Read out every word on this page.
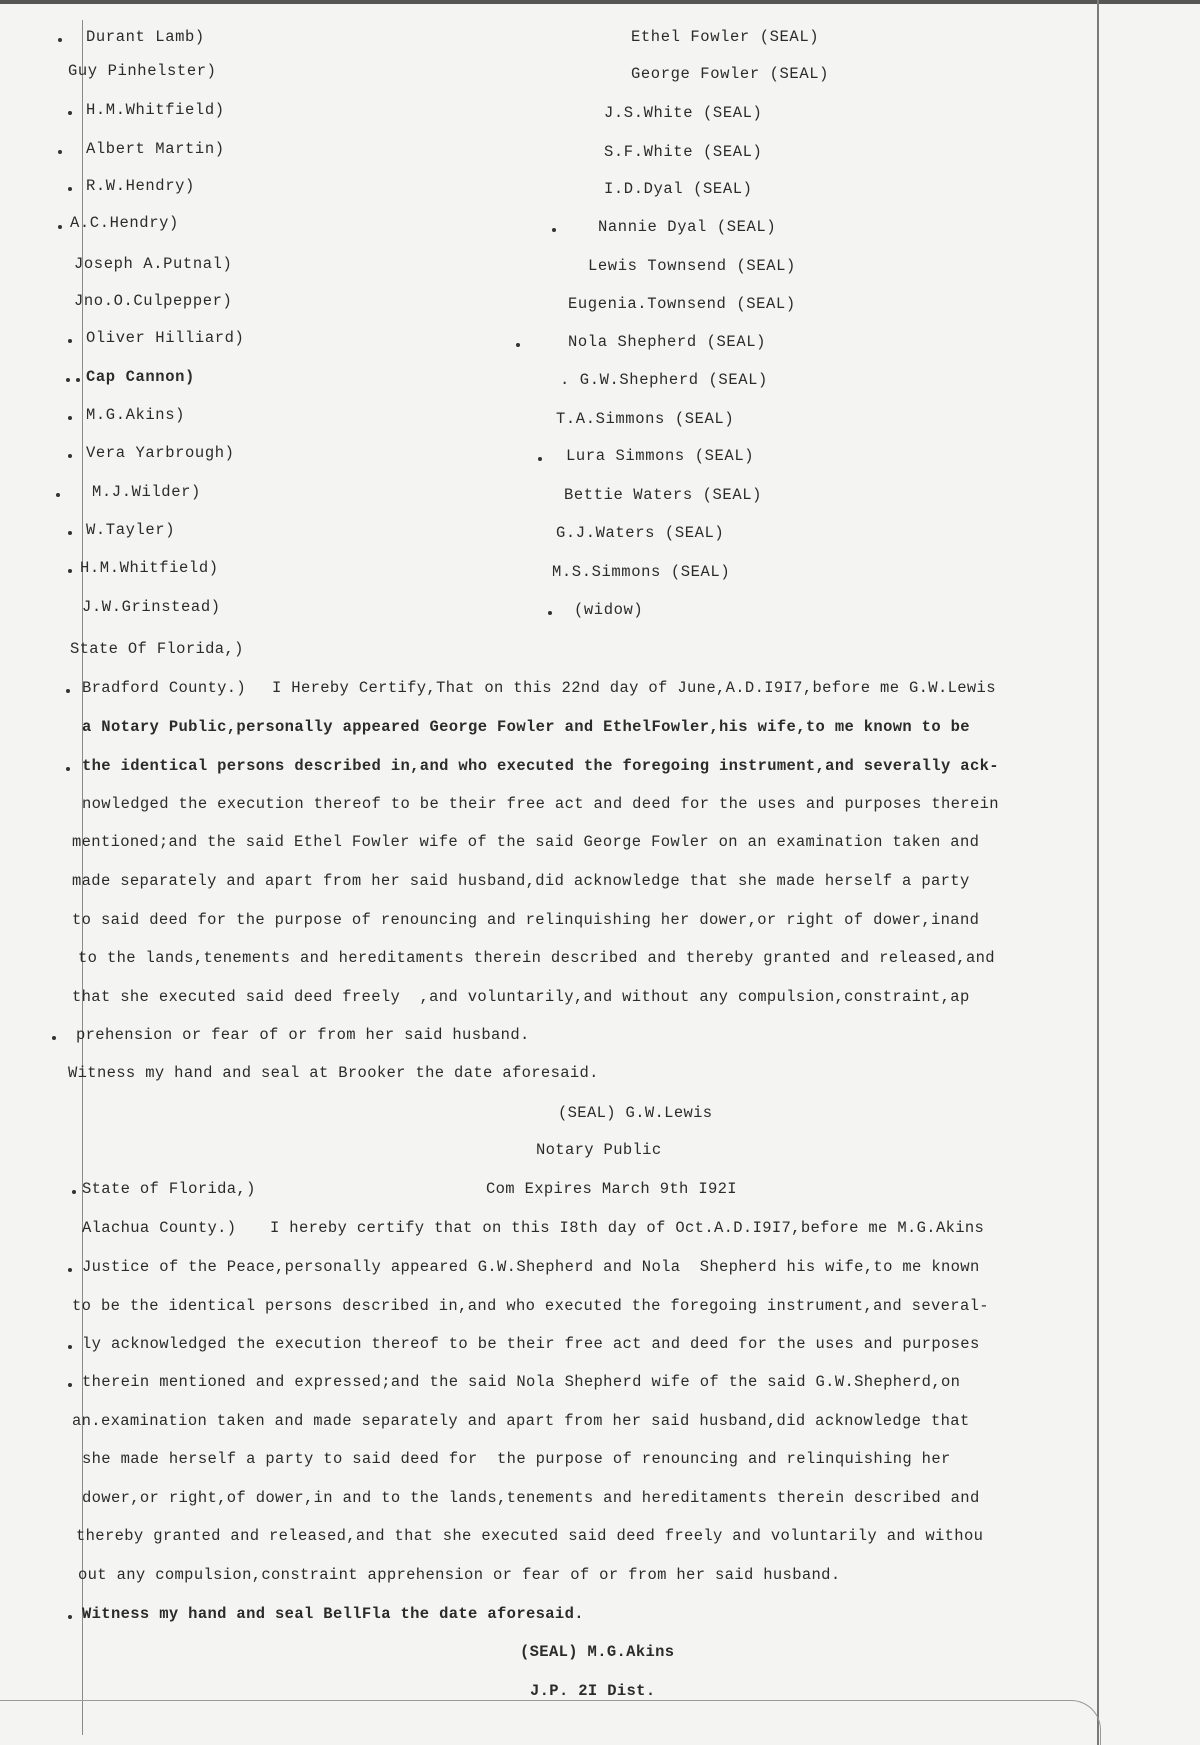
Durant Lamb)
Guy Pinhelster)
H.M.Whitfield)
Albert Martin)
R.W.Hendry)
A.C.Hendry)
Joseph A.Putnal)
Jno.O.Culpepper)
Oliver Hilliard)
Cap Cannon)
M.G.Akins)
Vera Yarbrough)
M.J.Wilder)
W.Tayler)
H.M.Whitfield)
J.W.Grinstead)
Ethel Fowler (SEAL)
George Fowler (SEAL)
J.S.White (SEAL)
S.F.White (SEAL)
I.D.Dyal (SEAL)
Nannie Dyal (SEAL)
Lewis Townsend (SEAL)
Eugenia.Townsend (SEAL)
Nola Shepherd (SEAL)
. G.W.Shepherd (SEAL)
T.A.Simmons (SEAL)
Lura Simmons (SEAL)
Bettie Waters (SEAL)
G.J.Waters (SEAL)
M.S.Simmons (SEAL)
(widow)
State Of Florida,)
Bradford County.) I Hereby Certify,That on this 22nd day of June,A.D.I9I7,before me G.W.Lewis
a Notary Public,personally appeared George Fowler and EthelFowler,his wife,to me known to be
the identical persons described in,and who executed the foregoing instrument,and severally ack-
nowledged the execution thereof to be their free act and deed for the uses and purposes therein
mentioned;and the said Ethel Fowler wife of the said George Fowler on an examination taken and
made separately and apart from her said husband,did acknowledge that she made herself a party
to said deed for the purpose of renouncing and relinquishing her dower,or right of dower,inand
to the lands,tenements and hereditaments therein described and thereby granted and released,and
that she executed said deed freely  ,and voluntarily,and without any compulsion,constraint,ap
prehension or fear of or from her said husband.
Witness my hand and seal at Brooker the date aforesaid.
(SEAL) G.W.Lewis
Notary Public
Com Expires March 9th I92I
State of Florida,)
Alachua County.) I hereby certify that on this I8th day of Oct.A.D.I9I7,before me M.G.Akins
Justice of the Peace,personally appeared G.W.Shepherd and Nola  Shepherd his wife,to me known
to be the identical persons described in,and who executed the foregoing instrument,and several-
ly acknowledged the execution thereof to be their free act and deed for the uses and purposes
therein mentioned and expressed;and the said Nola Shepherd wife of the said G.W.Shepherd,on
an.examination taken and made separately and apart from her said husband,did acknowledge that
she made herself a party to said deed for  the purpose of renouncing and relinquishing her
dower,or right,of dower,in and to the lands,tenements and hereditaments therein described and
thereby granted and released,and that she executed said deed freely and voluntarily and withou
out any compulsion,constraint apprehension or fear of or from her said husband.
Witness my hand and seal BellFla the date aforesaid.
(SEAL) M.G.Akins
J.P. 2I Dist.
